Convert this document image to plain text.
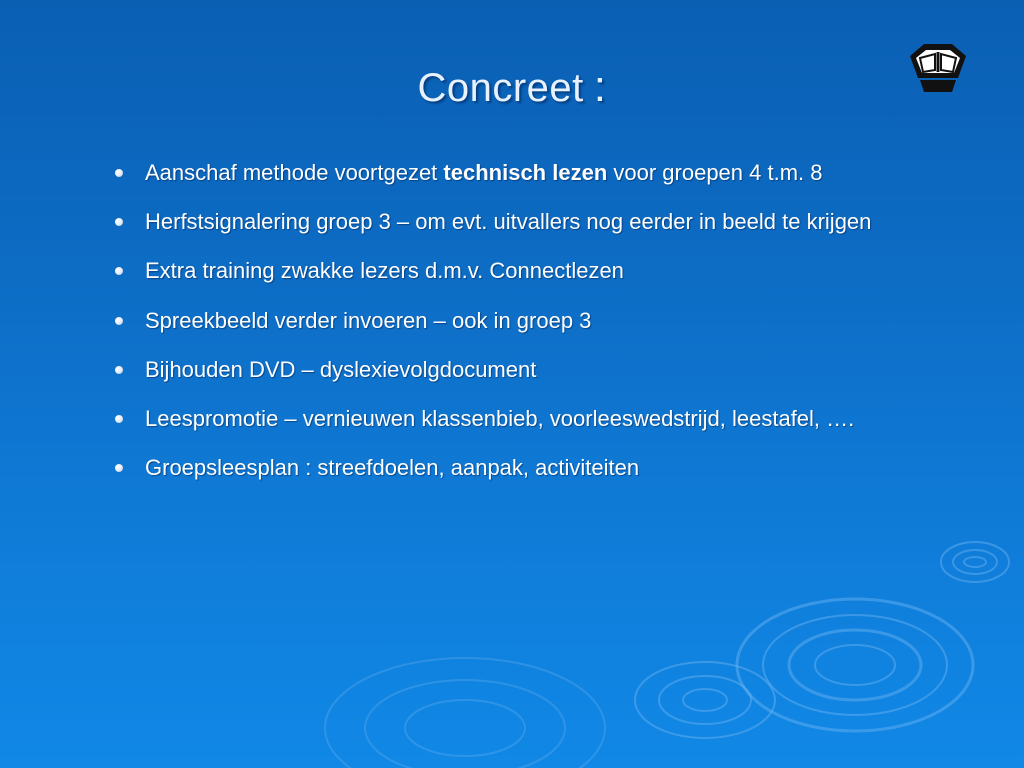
Concreet :
Aanschaf methode voortgezet technisch lezen voor groepen 4 t.m. 8
Herfstsignalering groep 3 – om evt. uitvallers nog eerder in beeld te krijgen
Extra training zwakke lezers d.m.v. Connectlezen
Spreekbeeld verder invoeren – ook in groep 3
Bijhouden DVD – dyslexievolgdocument
Leespromotie – vernieuwen klassenbieb, voorleeswedstrijd, leestafel, ….
Groepsleesplan : streefdoelen, aanpak, activiteiten
